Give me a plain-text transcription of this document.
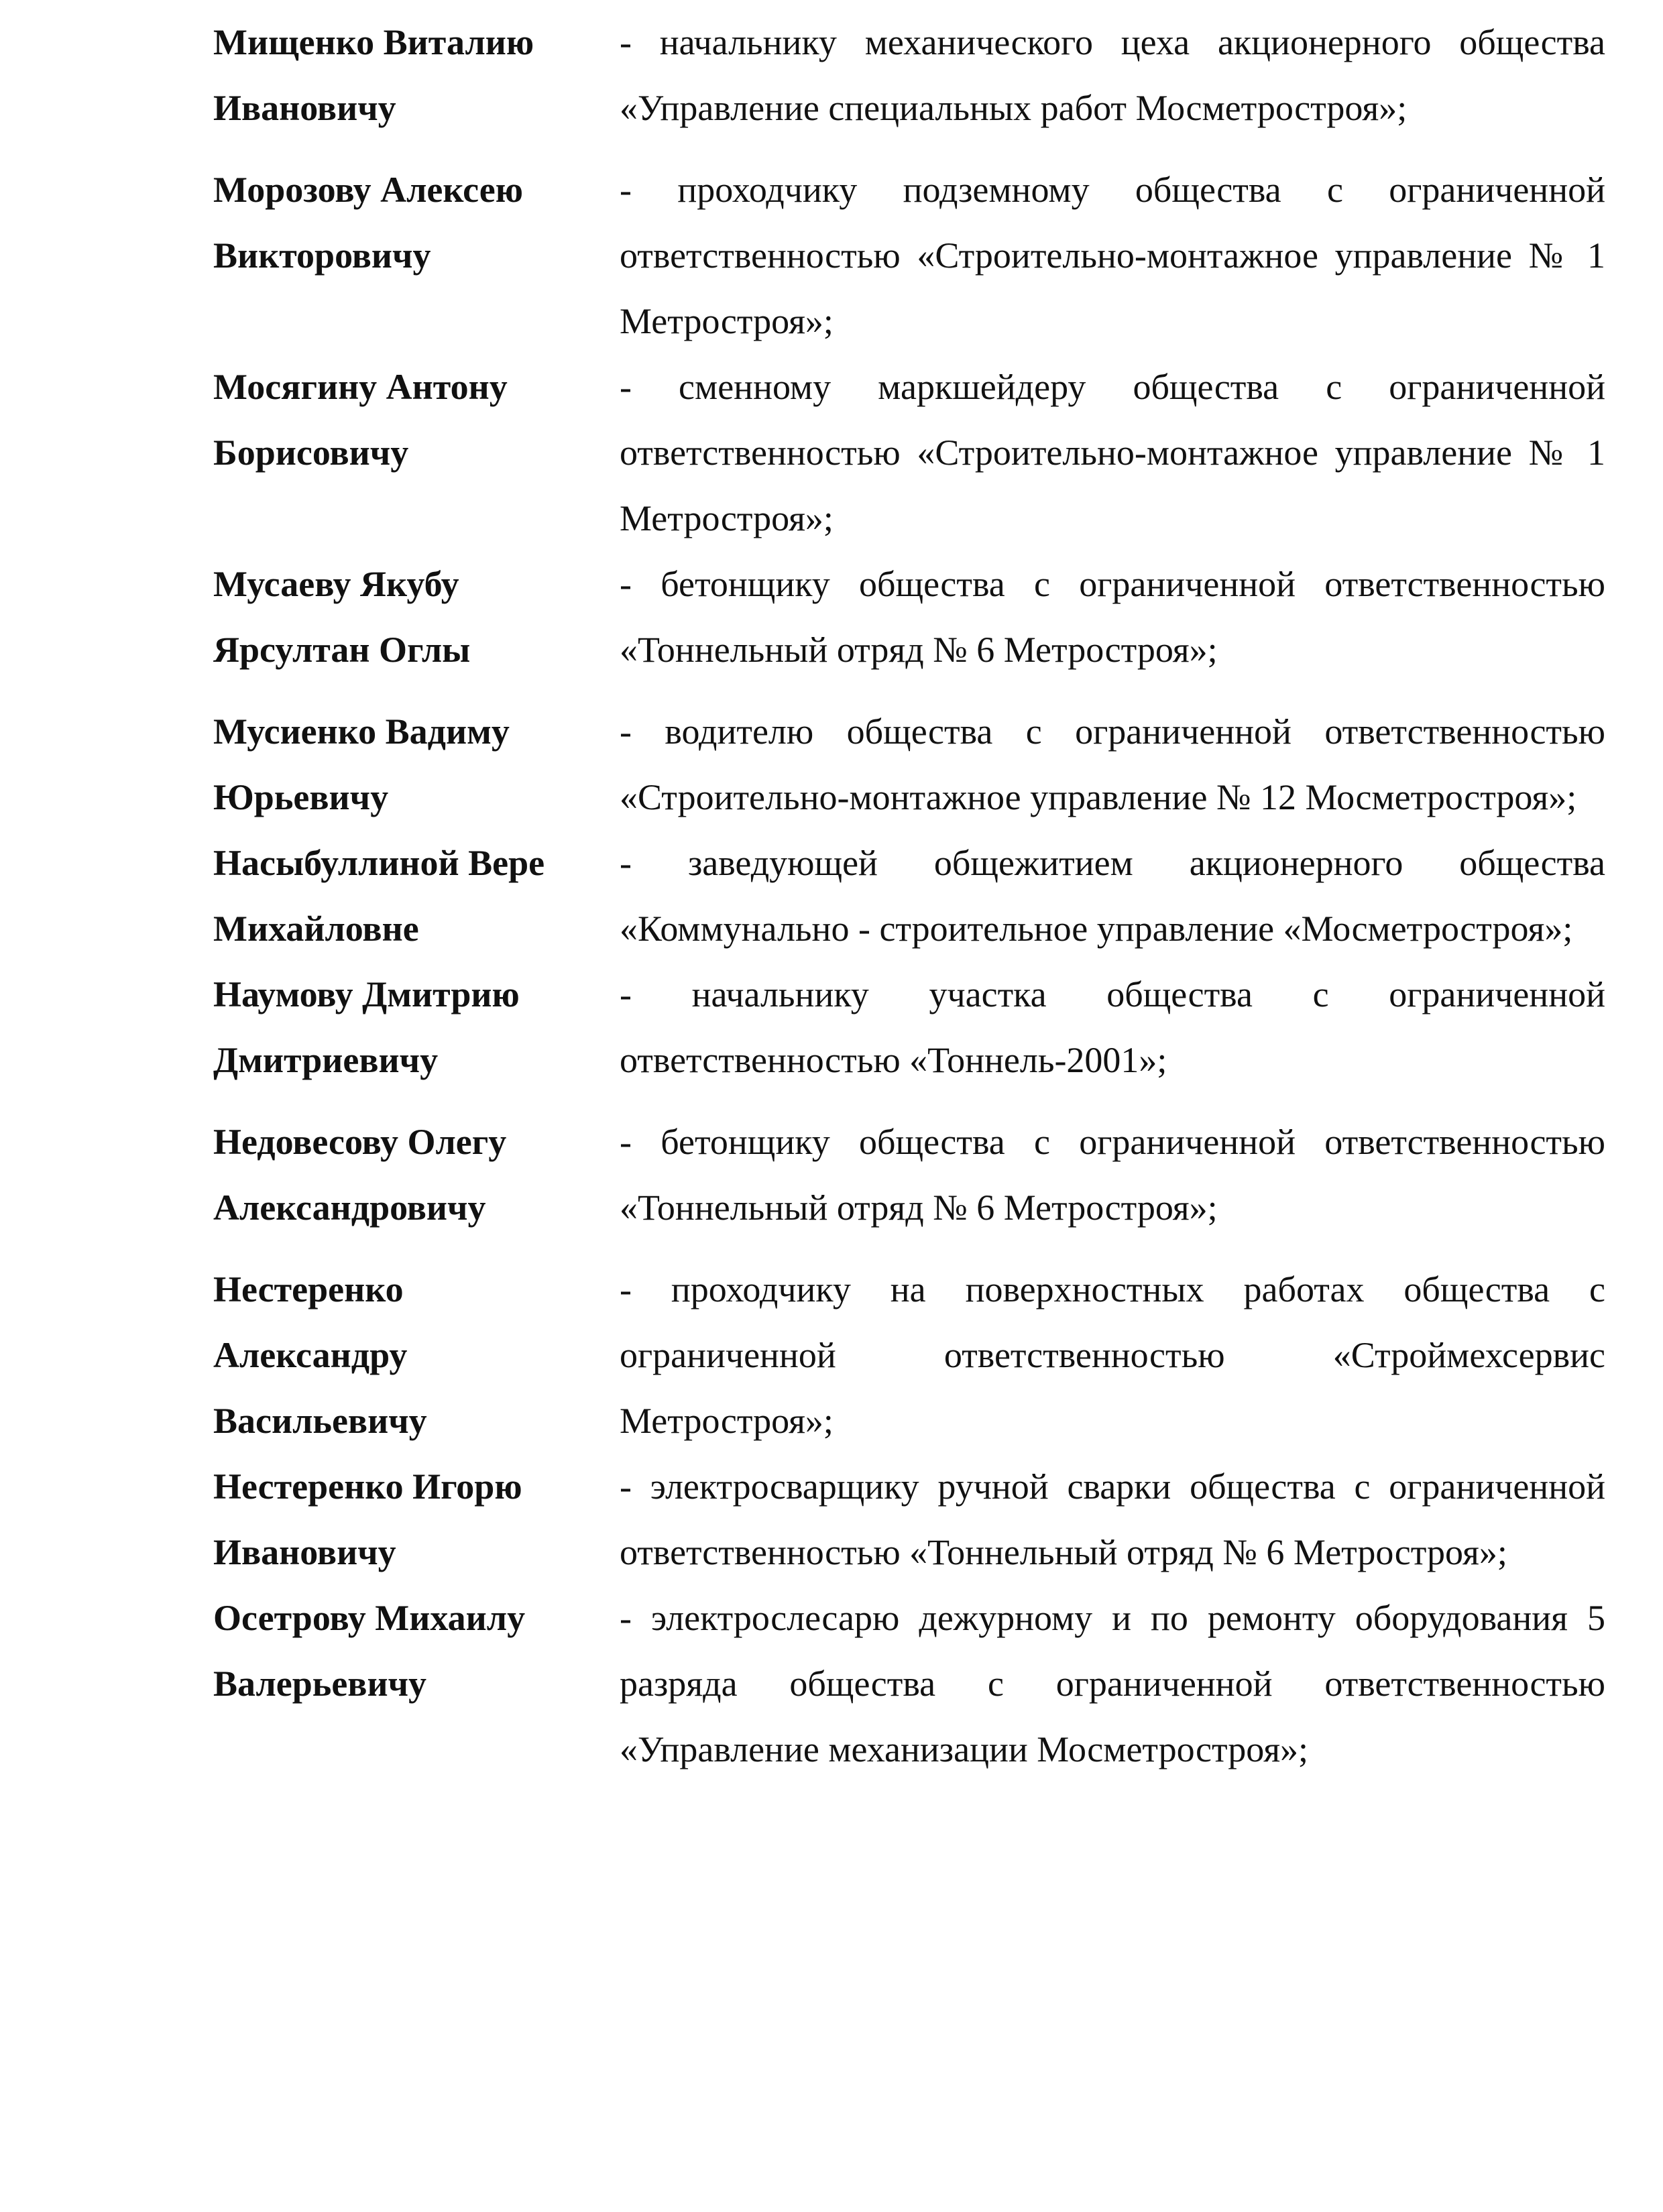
Мищенко Виталию
Ивановичу
- начальнику механического цеха акционерного общества «Управление специальных работ Мосметростроя»;
Морозову Алексею
Викторовичу
- проходчику подземному общества с ограниченной ответственностью «Строительно-монтажное управление № 1 Метростроя»;
Мосягину Антону
Борисовичу
- сменному маркшейдеру общества с ограниченной ответственностью «Строительно-монтажное управление № 1 Метростроя»;
Мусаеву Якубу
Ярсултан Оглы
- бетонщику общества с ограниченной ответственностью «Тоннельный отряд № 6 Метростроя»;
Мусиенко Вадиму
Юрьевичу
- водителю общества с ограниченной ответственностью «Строительно-монтажное управление № 12 Мосметростроя»;
Насыбуллиной Вере
Михайловне
- заведующей общежитием акционерного общества «Коммунально - строительное управление «Мосметростроя»;
Наумову Дмитрию
Дмитриевичу
- начальнику участка общества с ограниченной ответственностью «Тоннель-2001»;
Недовесову Олегу
Александровичу
- бетонщику общества с ограниченной ответственностью «Тоннельный отряд № 6 Метростроя»;
Нестеренко
Александру
Васильевичу
- проходчику на поверхностных работах общества с ограниченной ответственностью «Строймехсервис Метростроя»;
Нестеренко Игорю
Ивановичу
- электросварщику ручной сварки общества с ограниченной ответственностью «Тоннельный отряд № 6 Метростроя»;
Осетрову Михаилу
Валерьевичу
- электрослесарю дежурному и по ремонту оборудования 5 разряда общества с ограниченной ответственностью «Управление механизации Мосметростроя»;
